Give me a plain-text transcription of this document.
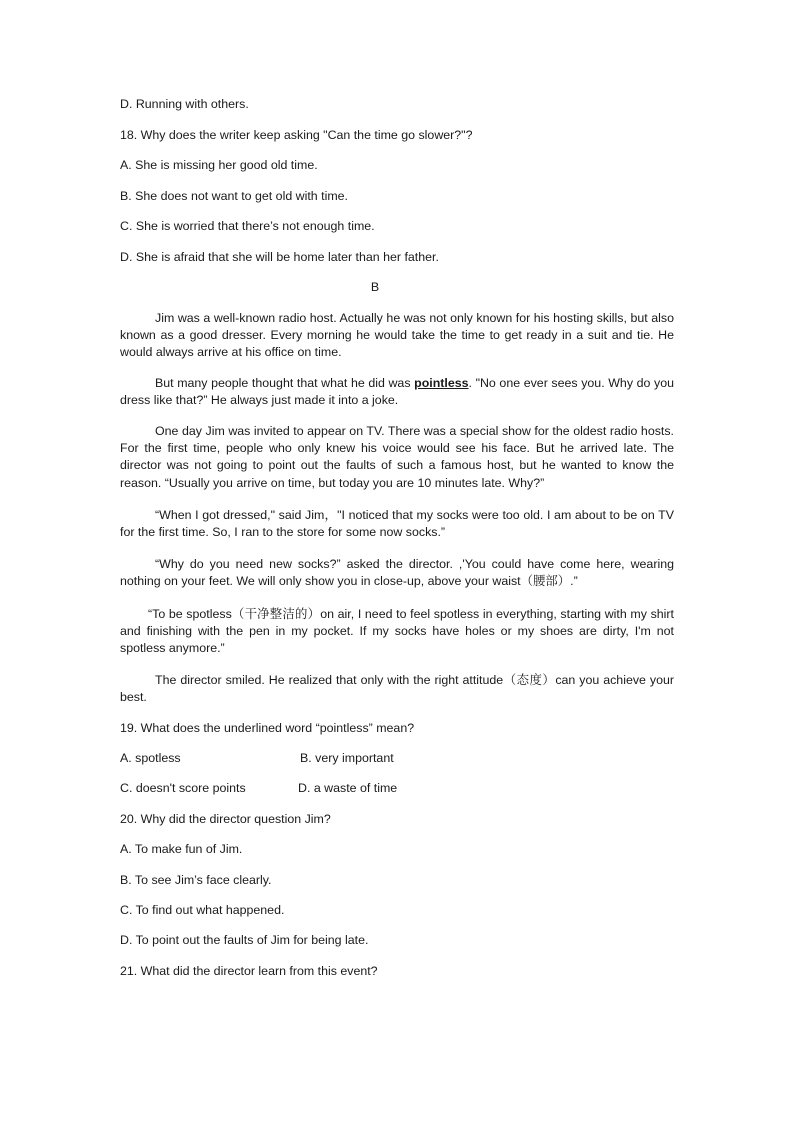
D. Running with others.
18. Why does the writer keep asking "Can the time go slower?"?
A. She is missing her good old time.
B. She does not want to get old with time.
C. She is worried that there’s not enough time.
D. She is afraid that she will be home later than her father.
B
Jim was a well-known radio host. Actually he was not only known for his hosting skills, but also known as a good dresser. Every morning he would take the time to get ready in a suit and tie. He would always arrive at his office on time.
But many people thought that what he did was pointless. "No one ever sees you. Why do you dress like that?” He always just made it into a joke.
One day Jim was invited to appear on TV. There was a special show for the oldest radio hosts. For the first time, people who only knew his voice would see his face. But he arrived late. The director was not going to point out the faults of such a famous host, but he wanted to know the reason. “Usually you arrive on time, but today you are 10 minutes late. Why?”
“When I got dressed," said Jim，"I noticed that my socks were too old. I am about to be on TV for the first time. So, I ran to the store for some now socks.”
“Why do you need new socks?” asked the director. ,'You could have come here, wearing nothing on your feet. We will only show you in close-up, above your waist（腰部）.”
“To be spotless（干净整洁的）on air, I need to feel spotless in everything, starting with my shirt and finishing with the pen in my pocket. If my socks have holes or my shoes are dirty, I'm not spotless anymore.”
The director smiled. He realized that only with the right attitude（态度）can you achieve your best.
19. What does the underlined word “pointless” mean?
A. spotless	B. very important
C. doesn't score points	D. a waste of time
20. Why did the director question Jim?
A. To make fun of Jim.
B. To see Jim’s face clearly.
C. To find out what happened.
D. To point out the faults of Jim for being late.
21. What did the director learn from this event?
